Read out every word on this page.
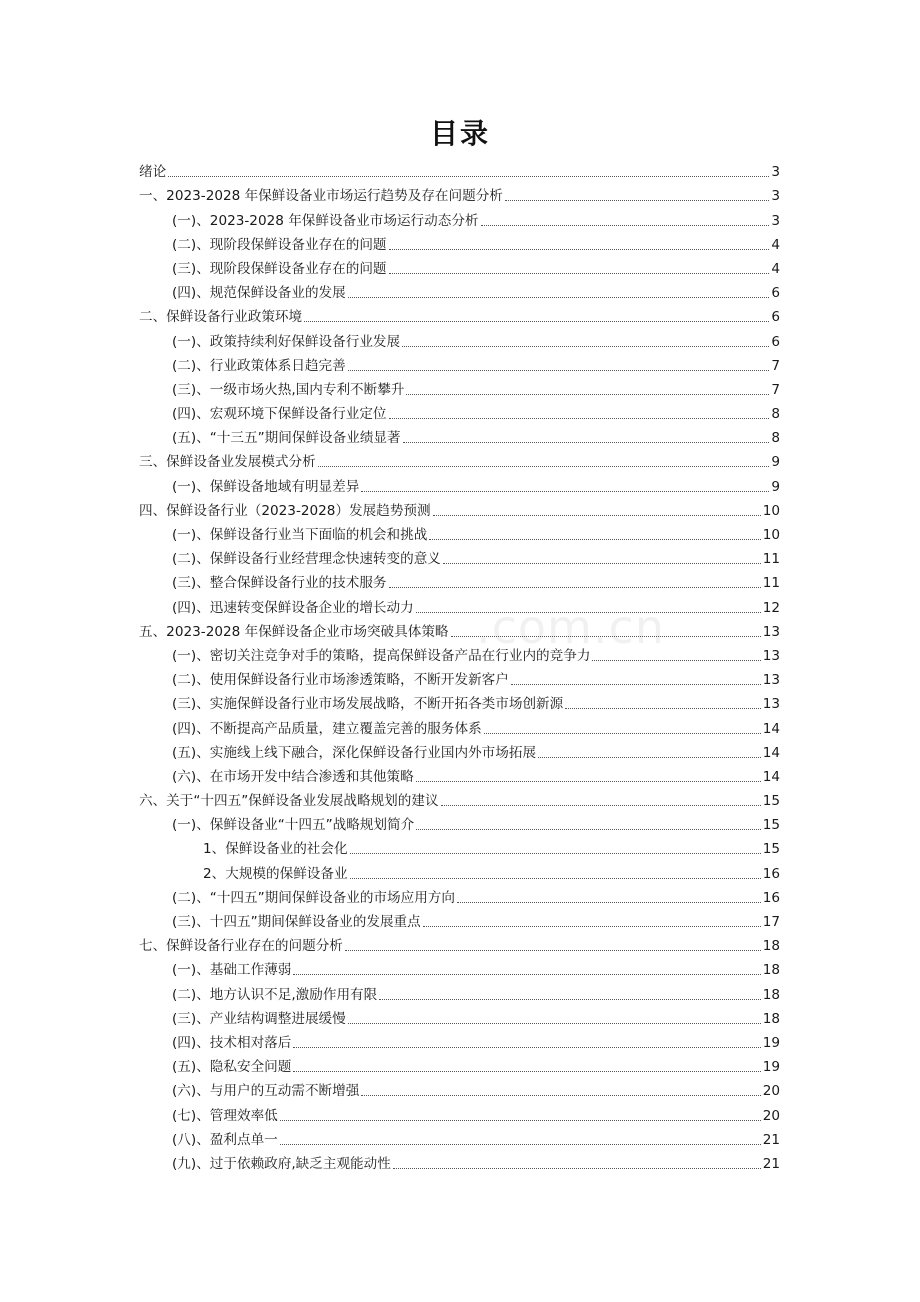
目录
.com.cn
绪论	3
一、2023-2028 年保鲜设备业市场运行趋势及存在问题分析	3
(一)、2023-2028 年保鲜设备业市场运行动态分析	3
(二)、现阶段保鲜设备业存在的问题	4
(三)、现阶段保鲜设备业存在的问题	4
(四)、规范保鲜设备业的发展	6
二、保鲜设备行业政策环境	6
(一)、政策持续利好保鲜设备行业发展	6
(二)、行业政策体系日趋完善	7
(三)、一级市场火热,国内专利不断攀升	7
(四)、宏观环境下保鲜设备行业定位	8
(五)、“十三五”期间保鲜设备业绩显著	8
三、保鲜设备业发展模式分析	9
(一)、保鲜设备地域有明显差异	9
四、保鲜设备行业（2023-2028）发展趋势预测	10
(一)、保鲜设备行业当下面临的机会和挑战	10
(二)、保鲜设备行业经营理念快速转变的意义	11
(三)、整合保鲜设备行业的技术服务	11
(四)、迅速转变保鲜设备企业的增长动力	12
五、2023-2028 年保鲜设备企业市场突破具体策略	13
(一)、密切关注竞争对手的策略，提高保鲜设备产品在行业内的竞争力	13
(二)、使用保鲜设备行业市场渗透策略，不断开发新客户	13
(三)、实施保鲜设备行业市场发展战略，不断开拓各类市场创新源	13
(四)、不断提高产品质量，建立覆盖完善的服务体系	14
(五)、实施线上线下融合，深化保鲜设备行业国内外市场拓展	14
(六)、在市场开发中结合渗透和其他策略	14
六、关于“十四五”保鲜设备业发展战略规划的建议	15
(一)、保鲜设备业“十四五”战略规划简介	15
1、保鲜设备业的社会化	15
2、大规模的保鲜设备业	16
(二)、“十四五”期间保鲜设备业的市场应用方向	16
(三)、十四五”期间保鲜设备业的发展重点	17
七、保鲜设备行业存在的问题分析	18
(一)、基础工作薄弱	18
(二)、地方认识不足,激励作用有限	18
(三)、产业结构调整进展缓慢	18
(四)、技术相对落后	19
(五)、隐私安全问题	19
(六)、与用户的互动需不断增强	20
(七)、管理效率低	20
(八)、盈利点单一	21
(九)、过于依赖政府,缺乏主观能动性	21
